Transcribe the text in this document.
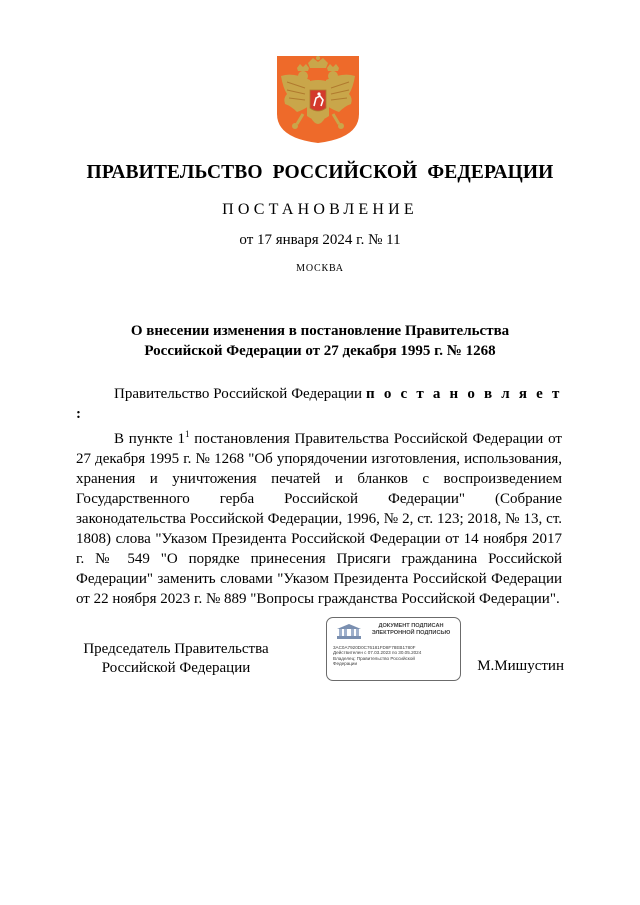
ПРАВИТЕЛЬСТВО РОССИЙСКОЙ ФЕДЕРАЦИИ
ПОСТАНОВЛЕНИЕ
от 17 января 2024 г. № 11
МОСКВА
О внесении изменения в постановление Правительства
Российской Федерации от 27 декабря 1995 г. № 1268

Правительство Российской Федерации п о с т а н о в л я е т :

В пункте $1^1$ постановления Правительства Российской Федерации от 27 декабря 1995 г. № 1268 "Об упорядочении изготовления, использования, хранения и уничтожения печатей и бланков с воспроизведением Государственного герба Российской Федерации" (Собрание законодательства Российской Федерации, 1996, № 2, ст. 123; 2018, № 13, ст. 1808) слова "Указом Президента Российской Федерации от 14 ноября 2017 г. № 549 "О порядке принесения Присяги гражданина Российской Федерации" заменить словами "Указом Президента Российской Федерации от 22 ноября 2023 г. № 889 "Вопросы гражданства Российской Федерации".

Председатель Правительства
Российской Федерации
ДОКУМЕНТ ПОДПИСАН
ЭЛЕКТРОННОЙ ПОДПИСЬЮ
3AC0A7920D0C76181FD8F78EB1780F
Действителен с 07.03.2023 по 30.05.2024
Владелец: Правительство Российской
Федерации	М.Мишустин
